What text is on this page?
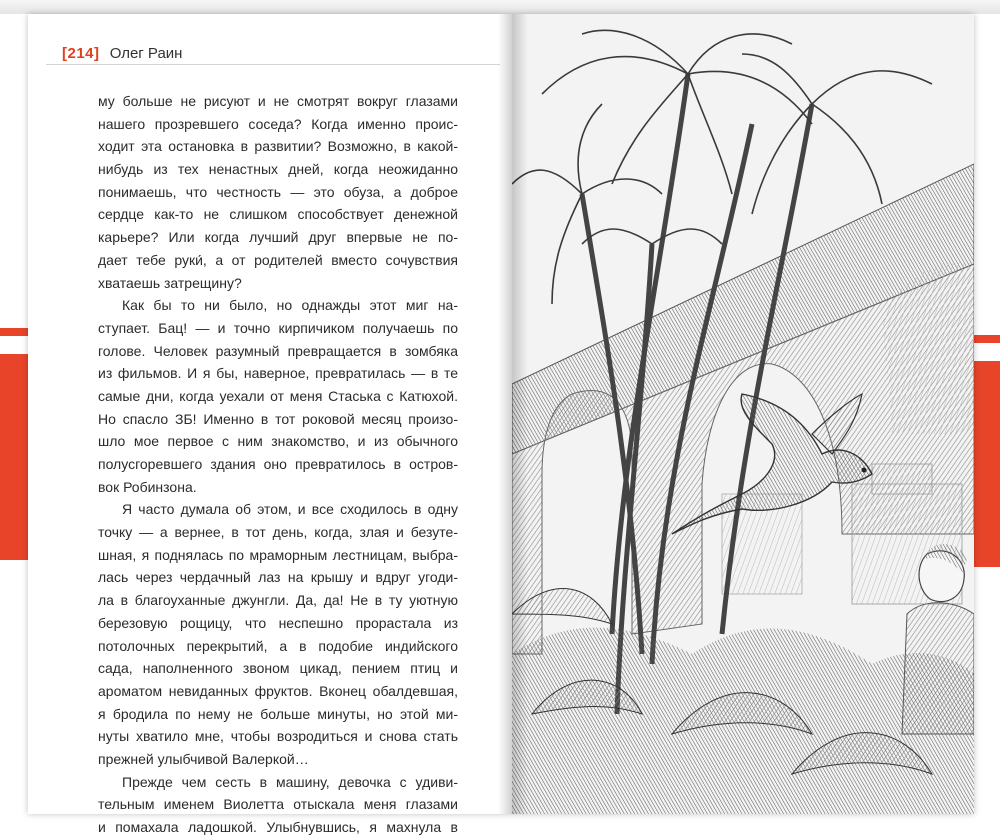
[214] Олег Раин
му больше не рисуют и не смотрят вокруг глазами
нашего прозревшего соседа? Когда именно проис-
ходит эта остановка в развитии? Возможно, в какой-
нибудь из тех ненастных дней, когда неожиданно
понимаешь, что честность — это обуза, а доброе
сердце как-то не слишком способствует денежной
карьере? Или когда лучший друг впервые не по-
дает тебе руки́, а от родителей вместо сочувствия
хватаешь затрещину?
Как бы то ни было, но однажды этот миг на-
ступает. Бац! — и точно кирпичиком получаешь по
голове. Человек разумный превращается в зомбяка
из фильмов. И я бы, наверное, превратилась — в те
самые дни, когда уехали от меня Стаська с Катюхой.
Но спасло ЗБ! Именно в тот роковой месяц произо-
шло мое первое с ним знакомство, и из обычного
полусгоревшего здания оно превратилось в остров-
вок Робинзона.
Я часто думала об этом, и все сходилось в одну
точку — а вернее, в тот день, когда, злая и безуте-
шная, я поднялась по мраморным лестницам, выбра-
лась через чердачный лаз на крышу и вдруг угоди-
ла в благоуханные джунгли. Да, да! Не в ту уютную
березовую рощицу, что неспешно прорастала из
потолочных перекрытий, а в подобие индийского
сада, наполненного звоном цикад, пением птиц и
ароматом невиданных фруктов. Вконец обалдевшая,
я бродила по нему не больше минуты, но этой ми-
нуты хватило мне, чтобы возродиться и снова стать
прежней улыбчивой Валеркой…
Прежде чем сесть в машину, девочка с удиви-
тельным именем Виолетта отыскала меня глазами
и помахала ладошкой. Улыбнувшись, я махнула в
